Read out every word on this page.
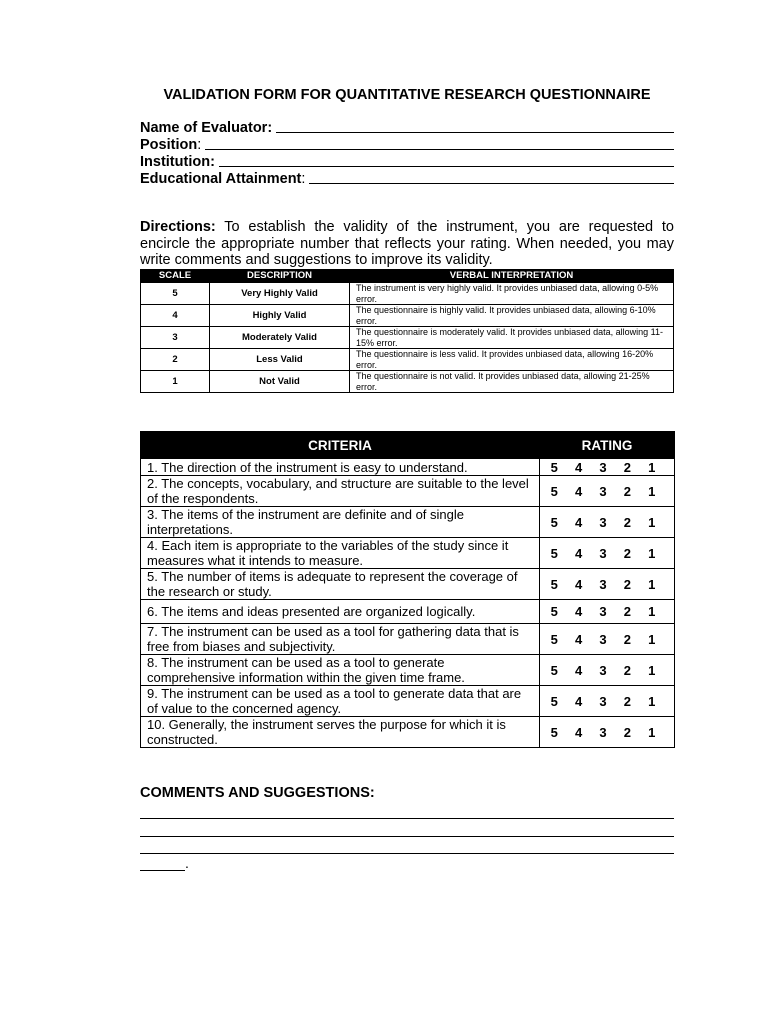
VALIDATION FORM FOR QUANTITATIVE RESEARCH QUESTIONNAIRE
Name of Evaluator:
Position:
Institution:
Educational Attainment:
Directions: To establish the validity of the instrument, you are requested to encircle the appropriate number that reflects your rating. When needed, you may write comments and suggestions to improve its validity.
SCALE	DESCRIPTION	VERBAL INTERPRETATION
5	Very Highly Valid	The instrument is very highly valid. It provides unbiased data, allowing 0-5% error.
4	Highly Valid	The questionnaire is highly valid. It provides unbiased data, allowing 6-10% error.
3	Moderately Valid	The questionnaire is moderately valid. It provides unbiased data, allowing 11-15% error.
2	Less Valid	The questionnaire is less valid. It provides unbiased data, allowing 16-20% error.
1	Not Valid	The questionnaire is not valid. It provides unbiased data, allowing 21-25% error.
CRITERIA	RATING
1. The direction of the instrument is easy to understand.	5 4 3 2 1

2. The concepts, vocabulary, and structure are suitable to the level of the respondents.	5 4 3 2 1

3. The items of the instrument are definite and of single interpretations.	5 4 3 2 1

4. Each item is appropriate to the variables of the study since it measures what it intends to measure.	5 4 3 2 1

5. The number of items is adequate to represent the coverage of the research or study.	5 4 3 2 1

6. The items and ideas presented are organized logically.	5 4 3 2 1

7. The instrument can be used as a tool for gathering data that is free from biases and subjectivity.	5 4 3 2 1

8. The instrument can be used as a tool to generate comprehensive information within the given time frame.	5 4 3 2 1

9. The instrument can be used as a tool to generate data that are of value to the concerned agency.	5 4 3 2 1

10. Generally, the instrument serves the purpose for which it is constructed.	5 4 3 2 1
COMMENTS AND SUGGESTIONS:
.
